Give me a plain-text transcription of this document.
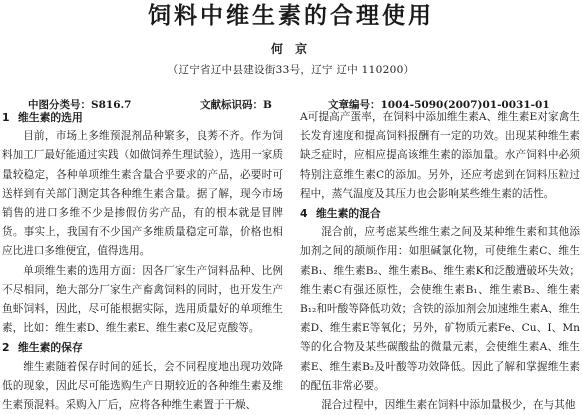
饲料中维生素的合理使用
何 京
（辽宁省辽中县建设街33号，辽宁 辽中 110200）
中图分类号：S816.7	文献标识码：B	文章编号：1004-5090(2007)01-0031-01
1 维生素的选用

目前，市场上多维预混剂品种繁多，良莠不齐。作为饲料加工厂最好能通过实践（如做饲养生理试验），选用一家质量较稳定，各种单项维生素含量合乎要求的产品，必要时可送样到有关部门测定其各种维生素含量。据了解，现今市场销售的进口多维不少是掺假仿劣产品，有的根本就是冒牌货。事实上，我国有不少国产多维质量稳定可靠，价格也相应比进口多维便宜，值得选用。

单项维生素的选用方面：因各厂家生产饲料品种、比例不尽相同，绝大部分厂家生产畜禽饲料的同时，也开发生产鱼虾饲料，因此，尽可能根据实际，选用质量好的单项维生素，比如：维生素D、维生素E、维生素C及尼克酸等。

2 维生素的保存

维生素随着保存时间的延长，会不同程度地出现功效降低的现象，因此尽可能选购生产日期较近的各种维生素及维生素预混料。采购入厂后，应将各种维生素置于干燥、

A可提高产蛋率，在饲料中添加维生素A、维生素E对家禽生长发育速度和提高饲料报酬有一定的功效。出现某种维生素缺乏症时，应相应提高该维生素的添加量。水产饲料中必须特别注意维生素C的添加。另外，还应考虑到在饲料压粒过程中，蒸气温度及其压力也会影响某些维生素的活性。

4 维生素的混合

混合前，应考虑某些维生素之间及某种维生素和其他添加剂之间的颉颃作用：如胆碱氯化物，可使维生素C、维生素B₁、维生素B₂、维生素B₆、维生素K和泛酸遭破坏失效；维生素C有强还原性，会使维生素B₁、维生素B₂、维生素B₁₂和叶酸等降低功效；含铁的添加剂会加速维生素A、维生素D、维生素E等氧化；另外，矿物质元素Fe、Cu、I、Mn等的化合物及某些碳酸盐的微量元素，会使维生素A、维生素E、维生素B₂及叶酸等功效降低。因此了解和掌握维生素的配伍非常必要。

混合过程中，因维生素在饲料中添加量极少，在与其他
